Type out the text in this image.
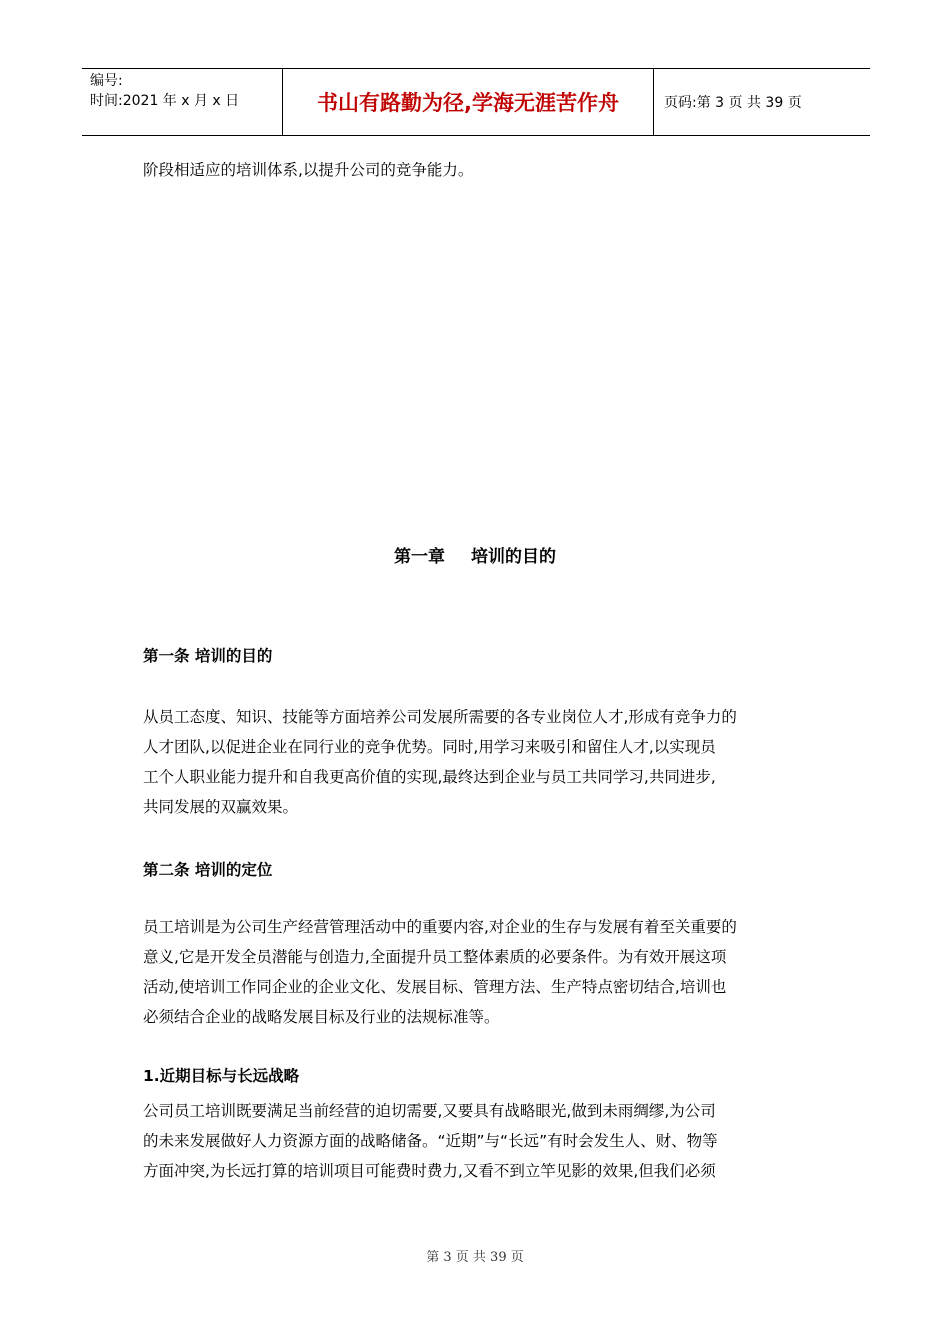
编号:
时间:2021 年 x 月 x 日	书山有路勤为径,学海无涯苦作舟	页码:第 3 页 共 39 页
阶段相适应的培训体系,以提升公司的竞争能力。
第一章 培训的目的
第一条 培训的目的
从员工态度、知识、技能等方面培养公司发展所需要的各专业岗位人才,形成有竞争力的
人才团队,以促进企业在同行业的竞争优势。同时,用学习来吸引和留住人才,以实现员
工个人职业能力提升和自我更高价值的实现,最终达到企业与员工共同学习,共同进步,
共同发展的双赢效果。
第二条 培训的定位
员工培训是为公司生产经营管理活动中的重要内容,对企业的生存与发展有着至关重要的
意义,它是开发全员潜能与创造力,全面提升员工整体素质的必要条件。为有效开展这项
活动,使培训工作同企业的企业文化、发展目标、管理方法、生产特点密切结合,培训也
必须结合企业的战略发展目标及行业的法规标准等。
1.近期目标与长远战略
公司员工培训既要满足当前经营的迫切需要,又要具有战略眼光,做到未雨绸缪,为公司
的未来发展做好人力资源方面的战略储备。“近期”与“长远”有时会发生人、财、物等
方面冲突,为长远打算的培训项目可能费时费力,又看不到立竿见影的效果,但我们必须
第 3 页 共 39 页
